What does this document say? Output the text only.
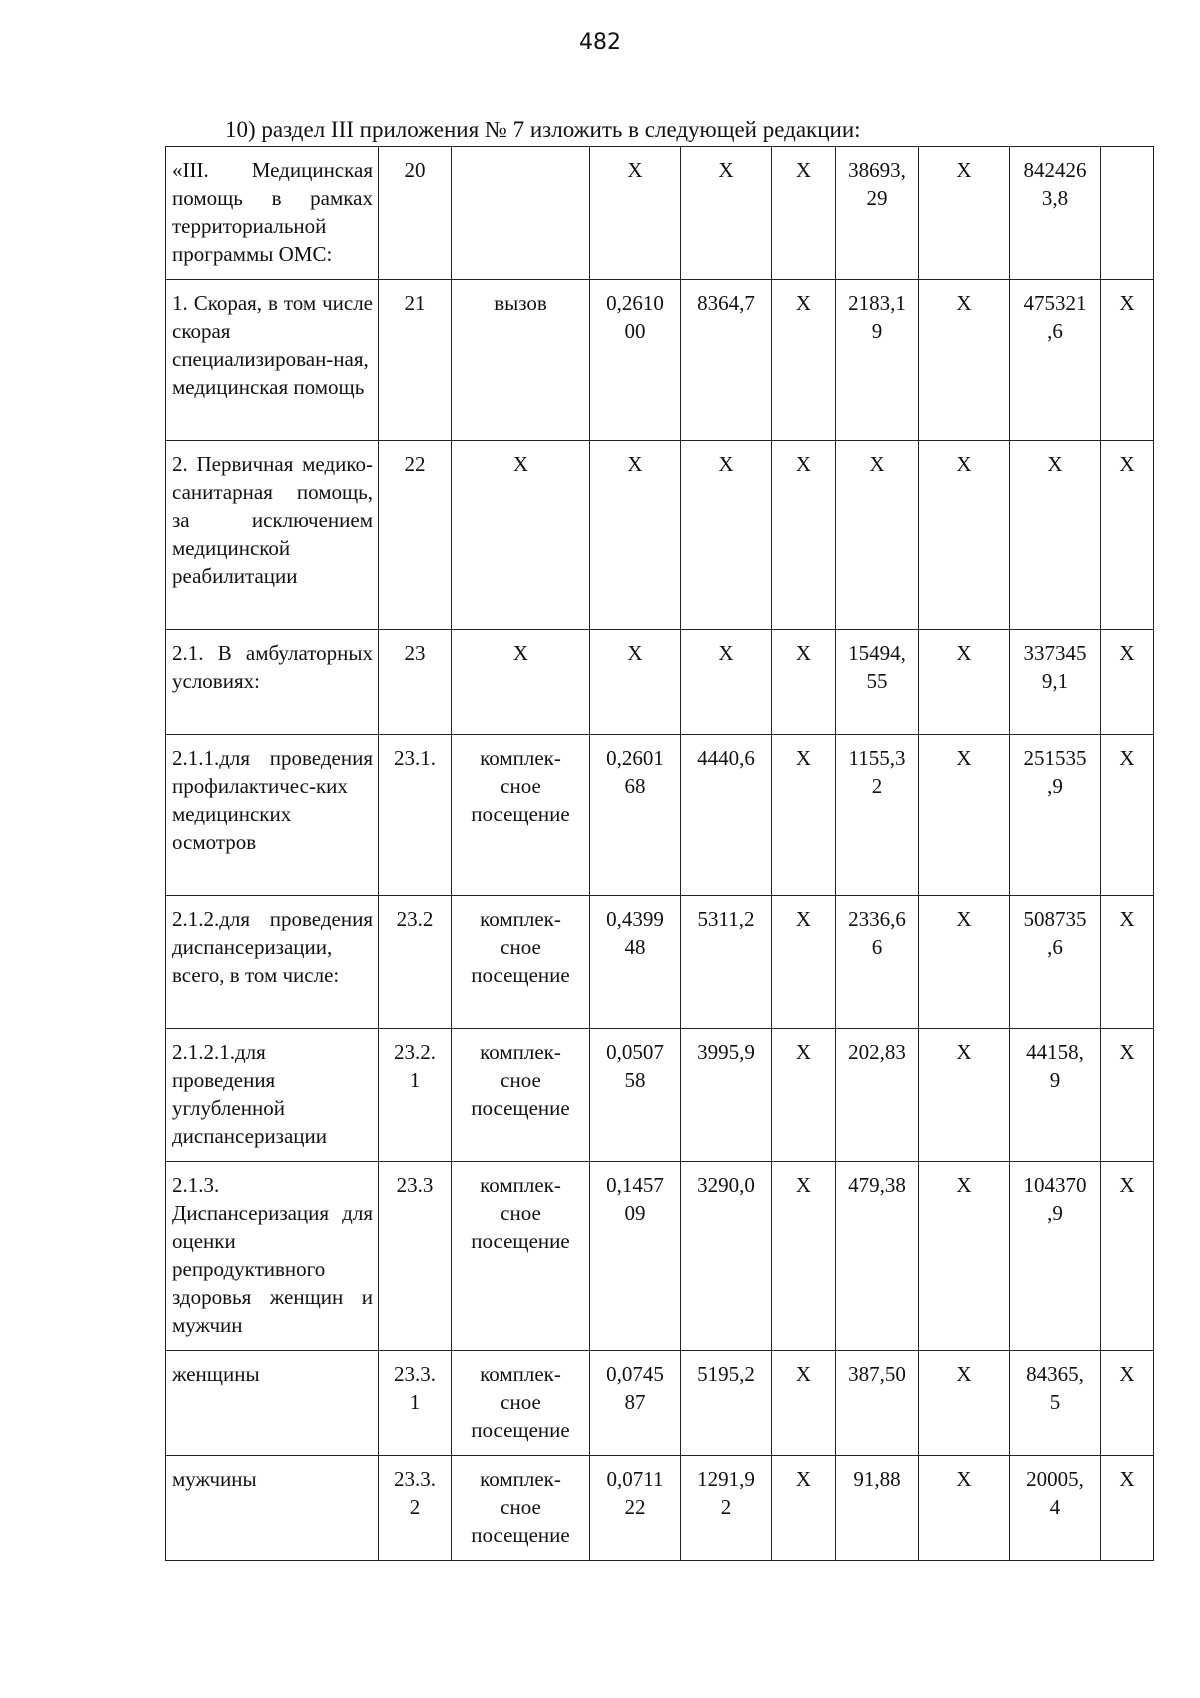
482
10) раздел III приложения № 7 изложить в следующей редакции:
«III. Медицинская помощь в рамках территориальной программы ОМС:	20		X	X	X	38693,
29	X	842426
3,8	
1. Скорая, в том числе скорая специализирован-ная, медицинская помощь	21	вызов	0,2610
00	8364,7	X	2183,1
9	X	475321
,6	X
2. Первичная медико-санитарная помощь, за исключением медицинской реабилитации	22	X	X	X	X	X	X	X	X
2.1. В амбулаторных условиях:	23	X	X	X	X	15494,
55	X	337345
9,1	X
2.1.1.для проведения профилактичес-ких медицинских осмотров	23.1.	комплек-
сное
посещение	0,2601
68	4440,6	X	1155,3
2	X	251535
,9	X
2.1.2.для проведения диспансеризации, всего, в том числе:	23.2	комплек-
сное
посещение	0,4399
48	5311,2	X	2336,6
6	X	508735
,6	X
2.1.2.1.для проведения углубленной диспансеризации	23.2.
1	комплек-
сное
посещение	0,0507
58	3995,9	X	202,83	X	44158,
9	X
2.1.3. Диспансеризация для оценки репродуктивного здоровья женщин и мужчин	23.3	комплек-
сное
посещение	0,1457
09	3290,0	X	479,38	X	104370
,9	X
женщины	23.3.
1	комплек-
сное
посещение	0,0745
87	5195,2	X	387,50	X	84365,
5	X
мужчины	23.3.
2	комплек-
сное
посещение	0,0711
22	1291,9
2	X	91,88	X	20005,
4	X
